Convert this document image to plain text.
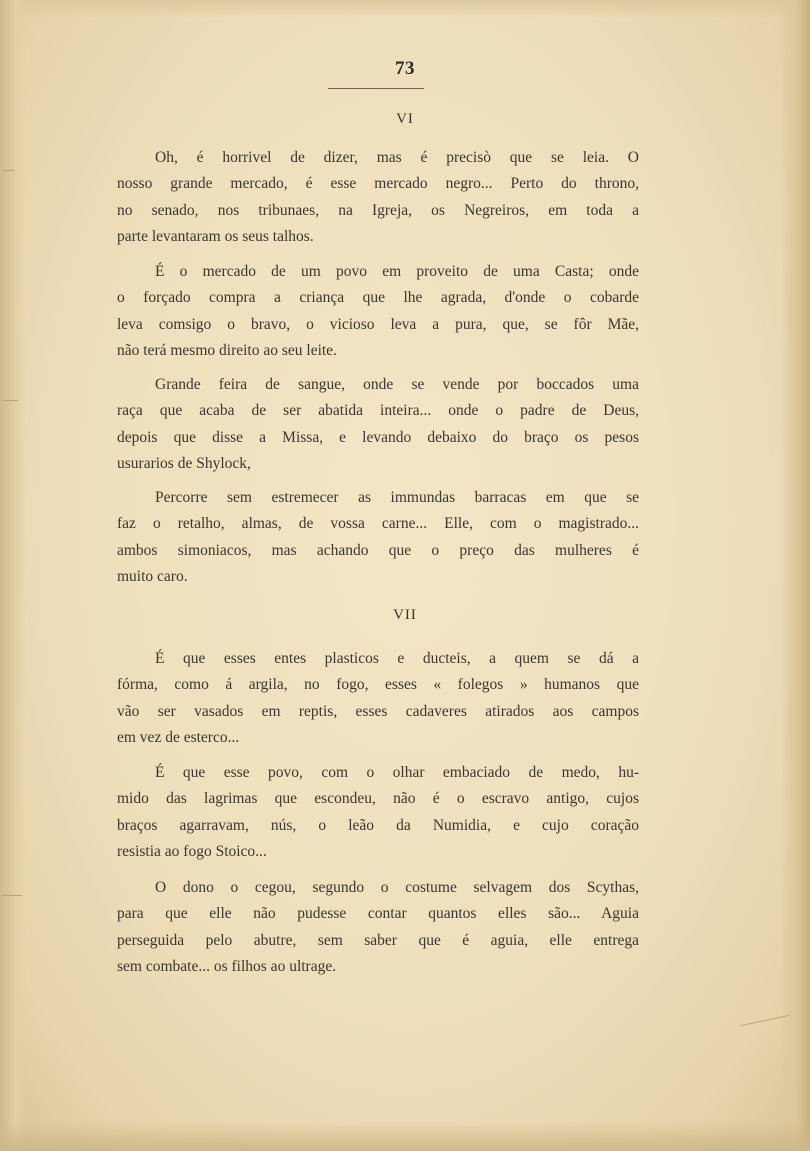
73
VI

Oh, é horrivel de dizer, mas é precisò que se leia. O
nosso grande mercado, é esse mercado negro... Perto do throno,
no senado, nos tribunaes, na Igreja, os Negreiros, em toda a
parte levantaram os seus talhos.

É o mercado de um povo em proveito de uma Casta; onde
o forçado compra a criança que lhe agrada, d'onde o cobarde
leva comsigo o bravo, o vicioso leva a pura, que, se fôr Mãe,
não terá mesmo direito ao seu leite.

Grande feira de sangue, onde se vende por boccados uma
raça que acaba de ser abatida inteira... onde o padre de Deus,
depois que disse a Missa, e levando debaixo do braço os pesos
usurarios de Shylock,

Percorre sem estremecer as immundas barracas em que se
faz o retalho, almas, de vossa carne... Elle, com o magistrado...
ambos simoniacos, mas achando que o preço das mulheres é
muito caro.

VII

É que esses entes plasticos e ducteis, a quem se dá a
fórma, como á argila, no fogo, esses « folegos » humanos que
vão ser vasados em reptis, esses cadaveres atirados aos campos
em vez de esterco...

É que esse povo, com o olhar embaciado de medo, hu-
mido das lagrimas que escondeu, não é o escravo antigo, cujos
braços agarravam, nús, o leão da Numidia, e cujo coração
resistia ao fogo Stoico...

O dono o cegou, segundo o costume selvagem dos Scythas,
para que elle não pudesse contar quantos elles são... Aguia
perseguida pelo abutre, sem saber que é aguia, elle entrega
sem combate... os filhos ao ultrage.
